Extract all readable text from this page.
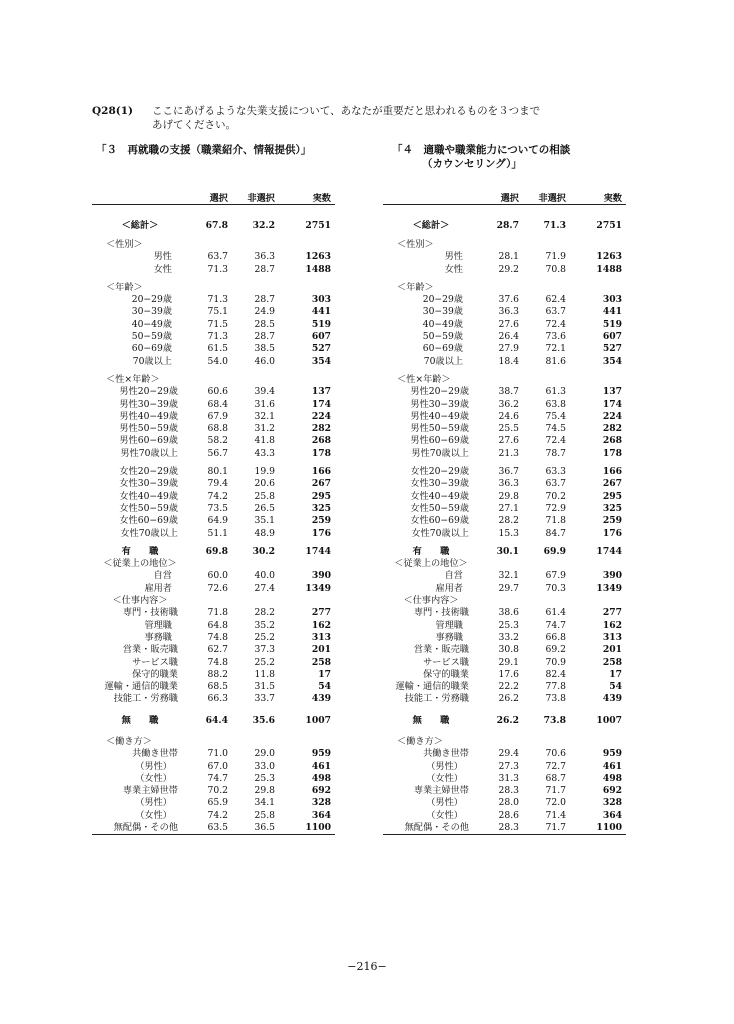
Q28(1)	ここにあげるような失業支援について、あなたが重要だと思われるものを３つまで
あげてください。
「３　再就職の支援（職業紹介、情報提供）」	「４　適職や職業能力についての相談
（カウンセリング）」
選択	非選択	実数
＜総計＞	67.8	32.2	2751
＜性別＞
男性	63.7	36.3	1263
女性	71.3	28.7	1488
＜年齢＞
20−29歳	71.3	28.7	303
30−39歳	75.1	24.9	441
40−49歳	71.5	28.5	519
50−59歳	71.3	28.7	607
60−69歳	61.5	38.5	527
70歳以上	54.0	46.0	354
＜性×年齢＞
男性20−29歳	60.6	39.4	137
男性30−39歳	68.4	31.6	174
男性40−49歳	67.9	32.1	224
男性50−59歳	68.8	31.2	282
男性60−69歳	58.2	41.8	268
男性70歳以上	56.7	43.3	178
女性20−29歳	80.1	19.9	166
女性30−39歳	79.4	20.6	267
女性40−49歳	74.2	25.8	295
女性50−59歳	73.5	26.5	325
女性60−69歳	64.9	35.1	259
女性70歳以上	51.1	48.9	176
有　　職	69.8	30.2	1744
＜従業上の地位＞
自営	60.0	40.0	390
雇用者	72.6	27.4	1349
＜仕事内容＞
専門・技術職	71.8	28.2	277
管理職	64.8	35.2	162
事務職	74.8	25.2	313
営業・販売職	62.7	37.3	201
サービス職	74.8	25.2	258
保守的職業	88.2	11.8	17
運輸・通信的職業	68.5	31.5	54
技能工・労務職	66.3	33.7	439
無　　職	64.4	35.6	1007
＜働き方＞
共働き世帯	71.0	29.0	959
（男性）	67.0	33.0	461
（女性）	74.7	25.3	498
専業主婦世帯	70.2	29.8	692
（男性）	65.9	34.1	328
（女性）	74.2	25.8	364
無配偶・その他	63.5	36.5	1100
選択	非選択	実数
＜総計＞	28.7	71.3	2751
＜性別＞
男性	28.1	71.9	1263
女性	29.2	70.8	1488
＜年齢＞
20−29歳	37.6	62.4	303
30−39歳	36.3	63.7	441
40−49歳	27.6	72.4	519
50−59歳	26.4	73.6	607
60−69歳	27.9	72.1	527
70歳以上	18.4	81.6	354
＜性×年齢＞
男性20−29歳	38.7	61.3	137
男性30−39歳	36.2	63.8	174
男性40−49歳	24.6	75.4	224
男性50−59歳	25.5	74.5	282
男性60−69歳	27.6	72.4	268
男性70歳以上	21.3	78.7	178
女性20−29歳	36.7	63.3	166
女性30−39歳	36.3	63.7	267
女性40−49歳	29.8	70.2	295
女性50−59歳	27.1	72.9	325
女性60−69歳	28.2	71.8	259
女性70歳以上	15.3	84.7	176
有　　職	30.1	69.9	1744
＜従業上の地位＞
自営	32.1	67.9	390
雇用者	29.7	70.3	1349
＜仕事内容＞
専門・技術職	38.6	61.4	277
管理職	25.3	74.7	162
事務職	33.2	66.8	313
営業・販売職	30.8	69.2	201
サービス職	29.1	70.9	258
保守的職業	17.6	82.4	17
運輸・通信的職業	22.2	77.8	54
技能工・労務職	26.2	73.8	439
無　　職	26.2	73.8	1007
＜働き方＞
共働き世帯	29.4	70.6	959
（男性）	27.3	72.7	461
（女性）	31.3	68.7	498
専業主婦世帯	28.3	71.7	692
（男性）	28.0	72.0	328
（女性）	28.6	71.4	364
無配偶・その他	28.3	71.7	1100
−216−
